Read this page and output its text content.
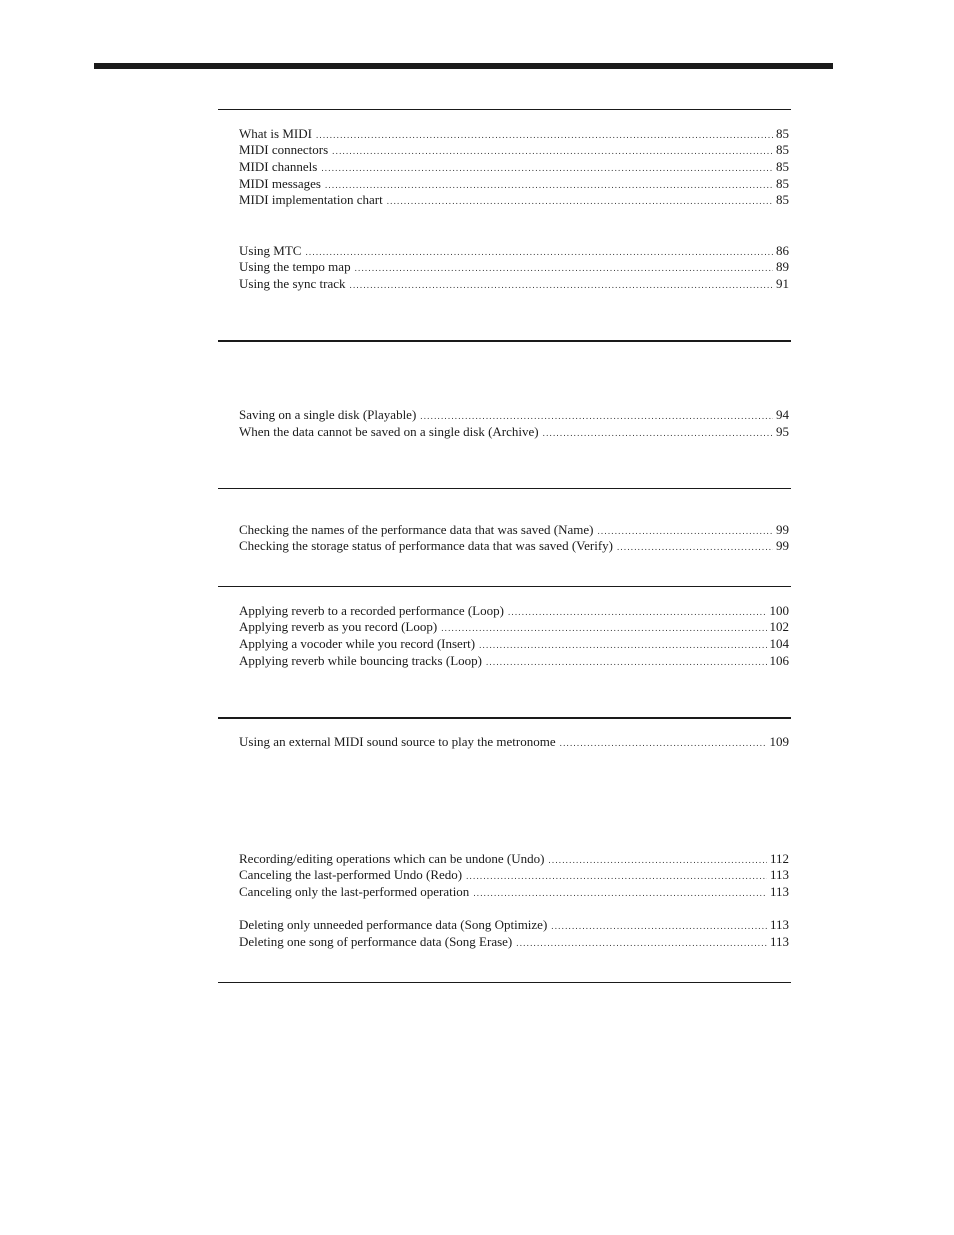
What is MIDI .....	85
MIDI connectors .....	85
MIDI channels .....	85
MIDI messages .....	85
MIDI implementation chart .....	85
Using MTC .....	86
Using the tempo map .....	89
Using the sync track .....	91
Saving on a single disk (Playable) .....	94
When the data cannot be saved on a single disk (Archive) .....	95
Checking the names of the performance data that was saved (Name) .....	99
Checking the storage status of performance data that was saved (Verify) .....	99
Applying reverb to a recorded performance (Loop) .....	100
Applying reverb as you record (Loop) .....	102
Applying a vocoder while you record (Insert) .....	104
Applying reverb while bouncing tracks (Loop) .....	106
Using an external MIDI sound source to play the metronome .....	109
Recording/editing operations which can be undone (Undo) .....	112
Canceling the last-performed Undo (Redo) .....	113
Canceling only the last-performed operation .....	113
Deleting only unneeded performance data (Song Optimize) .....	113
Deleting one song of performance data (Song Erase) .....	113
